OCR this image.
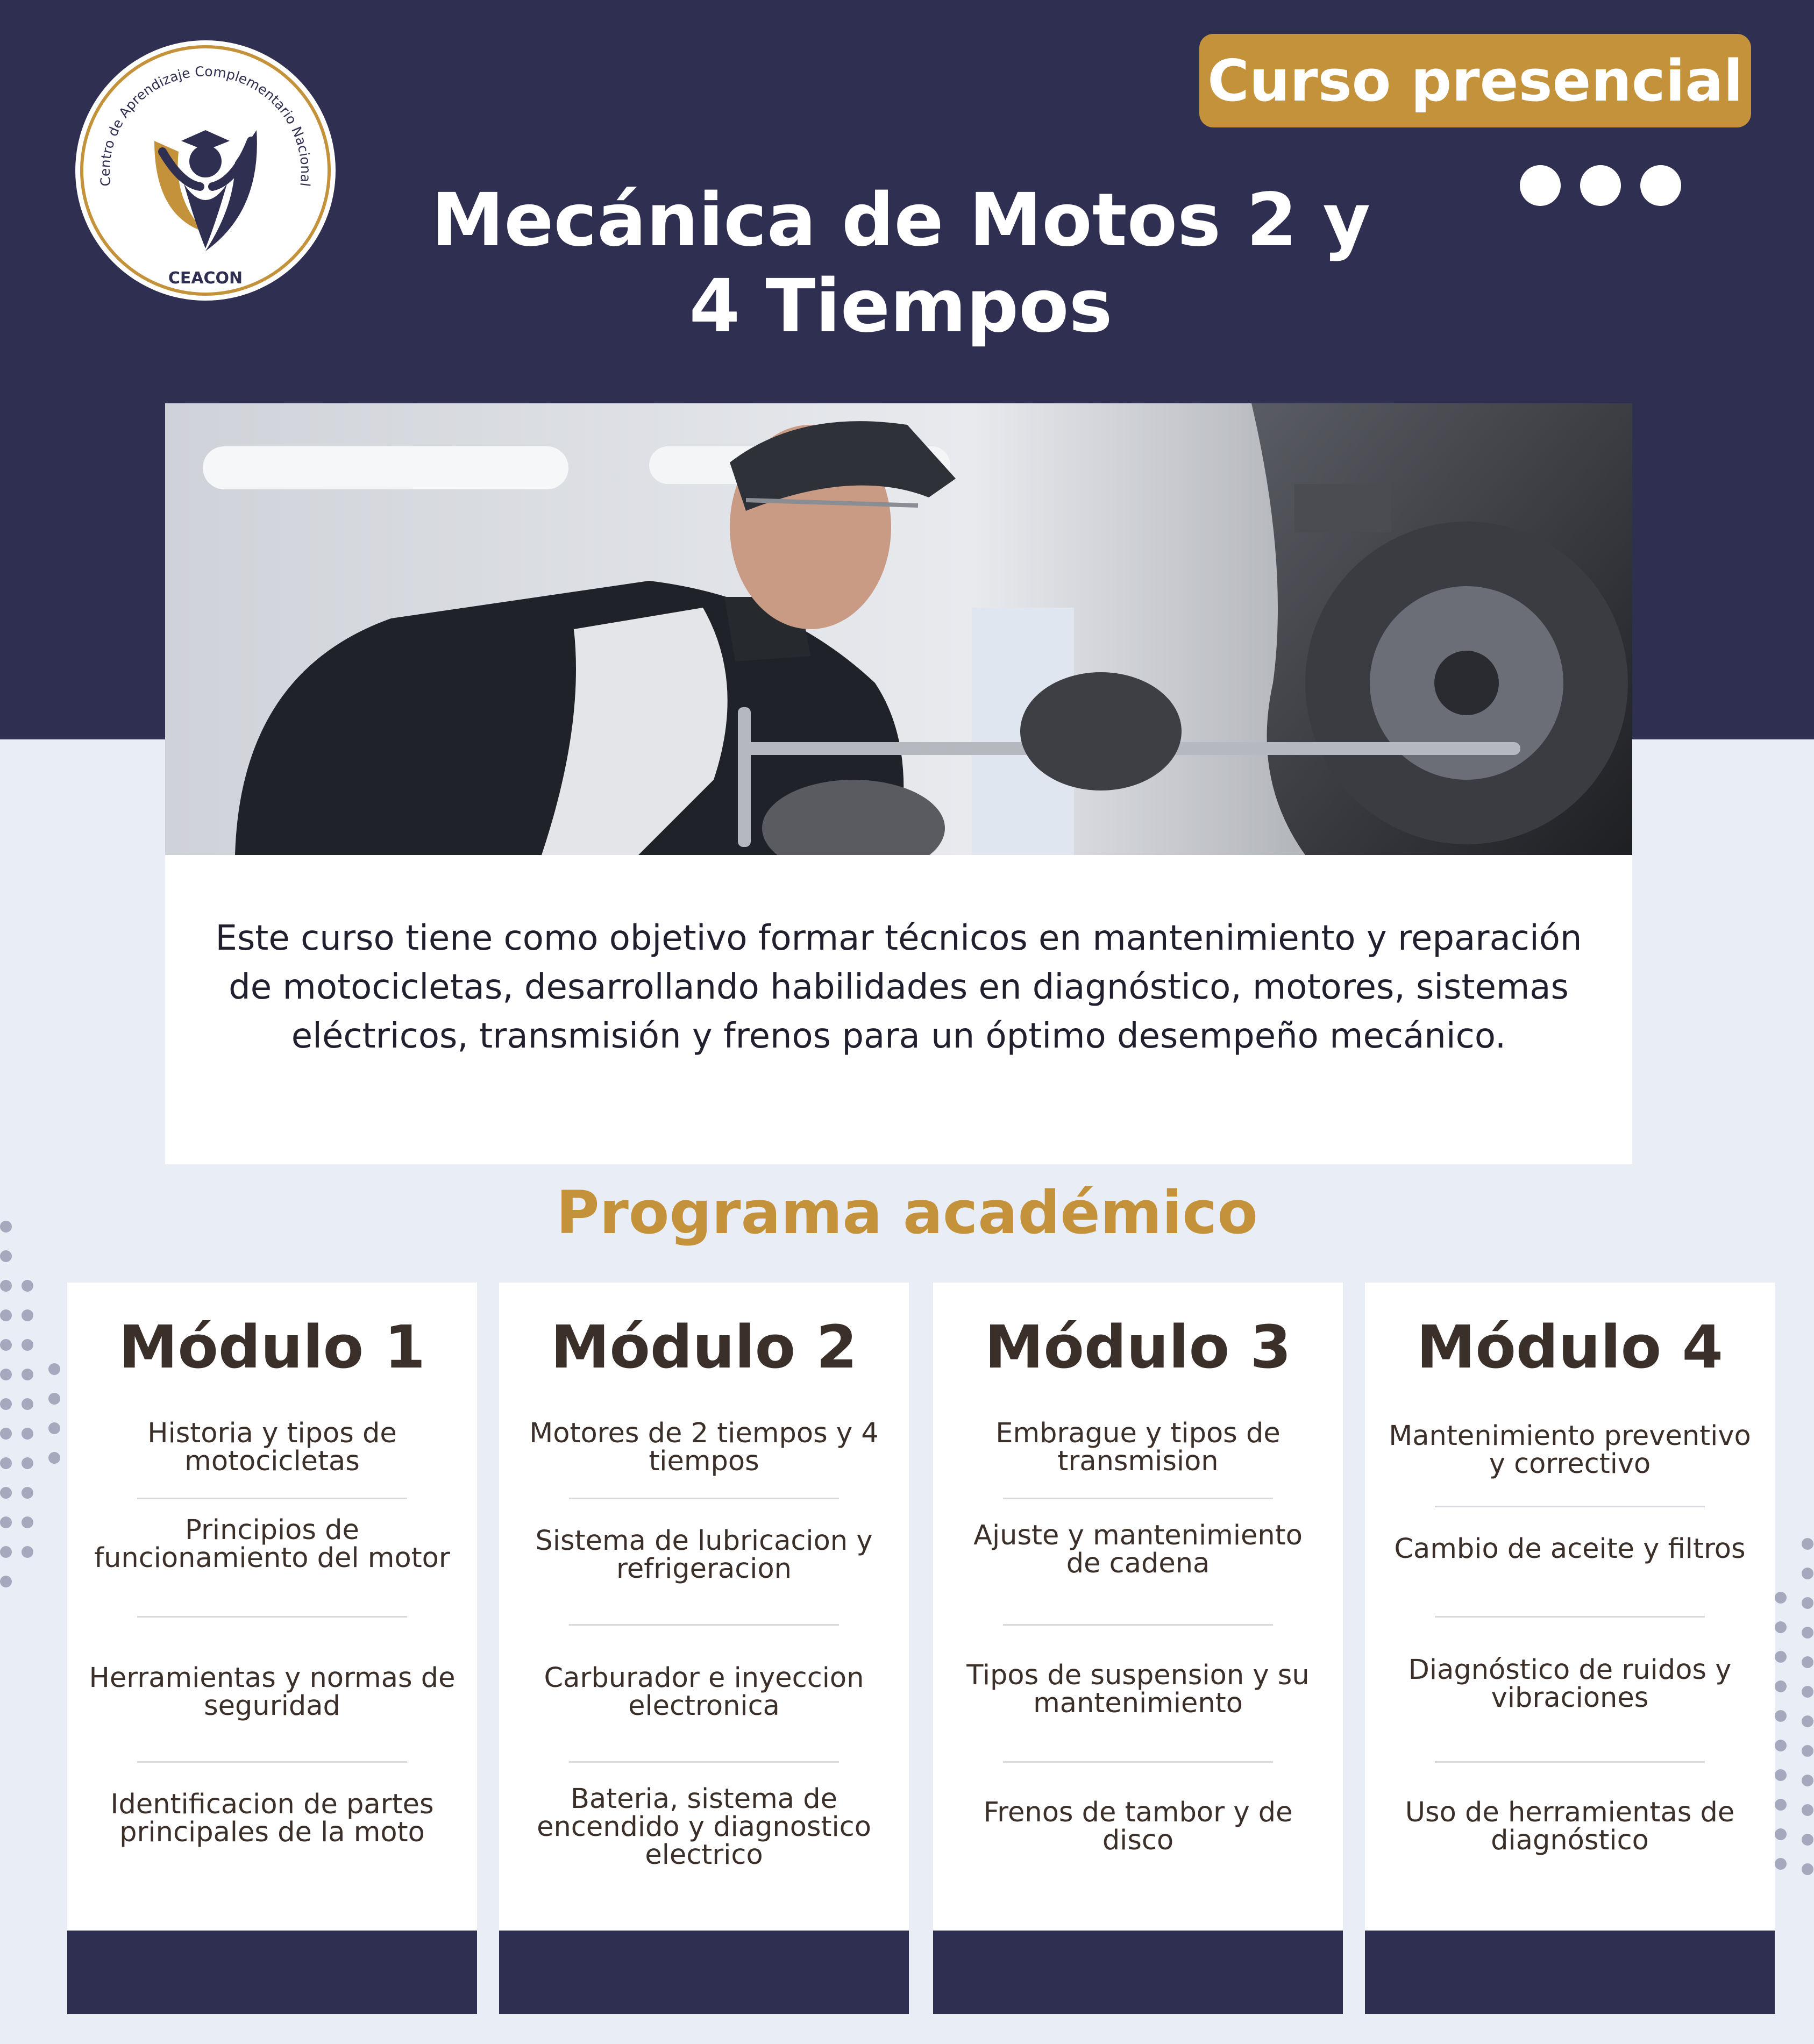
Centro de Aprendizaje Complementario Nacional
CEACON
Curso presencial
Mecánica de Motos 2 y 4 Tiempos

Este curso tiene como objetivo formar técnicos en mantenimiento y reparación de motocicletas, desarrollando habilidades en diagnóstico, motores, sistemas eléctricos, transmisión y frenos para un óptimo desempeño mecánico.

Programa académico
Módulo 1
Historia y tipos de motocicletas
Principios de funcionamiento del motor
Herramientas y normas de seguridad
Identificacion de partes principales de la moto
Módulo 2
Motores de 2 tiempos y 4 tiempos
Sistema de lubricacion y refrigeracion
Carburador e inyeccion electronica
Bateria, sistema de encendido y diagnostico electrico
Módulo 3
Embrague y tipos de transmision
Ajuste y mantenimiento de cadena
Tipos de suspension y su mantenimiento
Frenos de tambor y de disco
Módulo 4
Mantenimiento preventivo y correctivo
Cambio de aceite y filtros
Diagnóstico de ruidos y vibraciones
Uso de herramientas de diagnóstico
